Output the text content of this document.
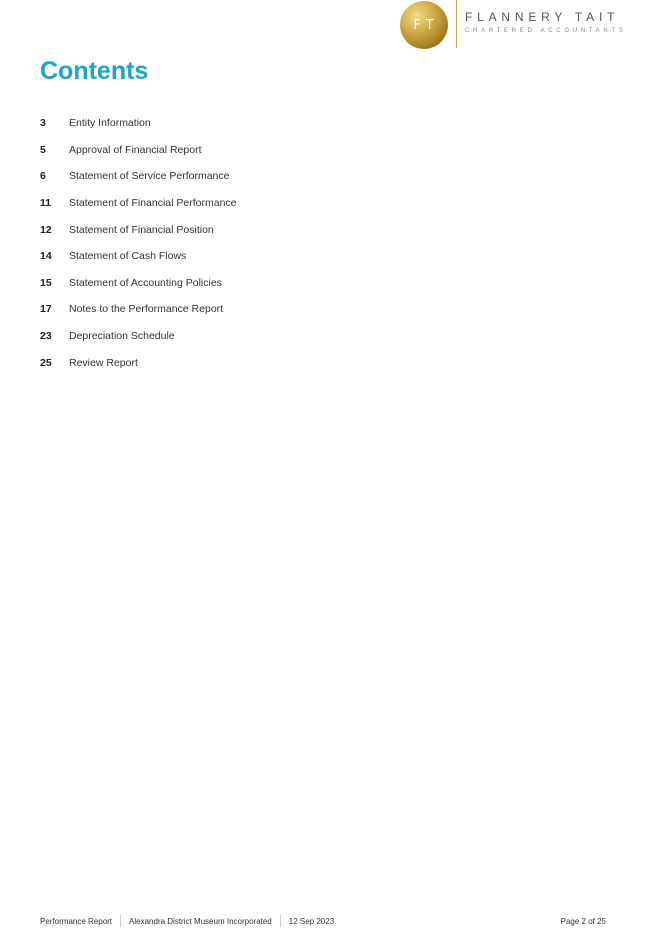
FT
FLANNERY TAIT
CHARTERED ACCOUNTANTS
Contents
3	Entity Information
5	Approval of Financial Report
6	Statement of Service Performance
11	Statement of Financial Performance
12	Statement of Financial Position
14	Statement of Cash Flows
15	Statement of Accounting Policies
17	Notes to the Performance Report
23	Depreciation Schedule
25	Review Report
Performance Report Alexandra District Museum Incorporated 12 Sep 2023	Page 2 of 25
